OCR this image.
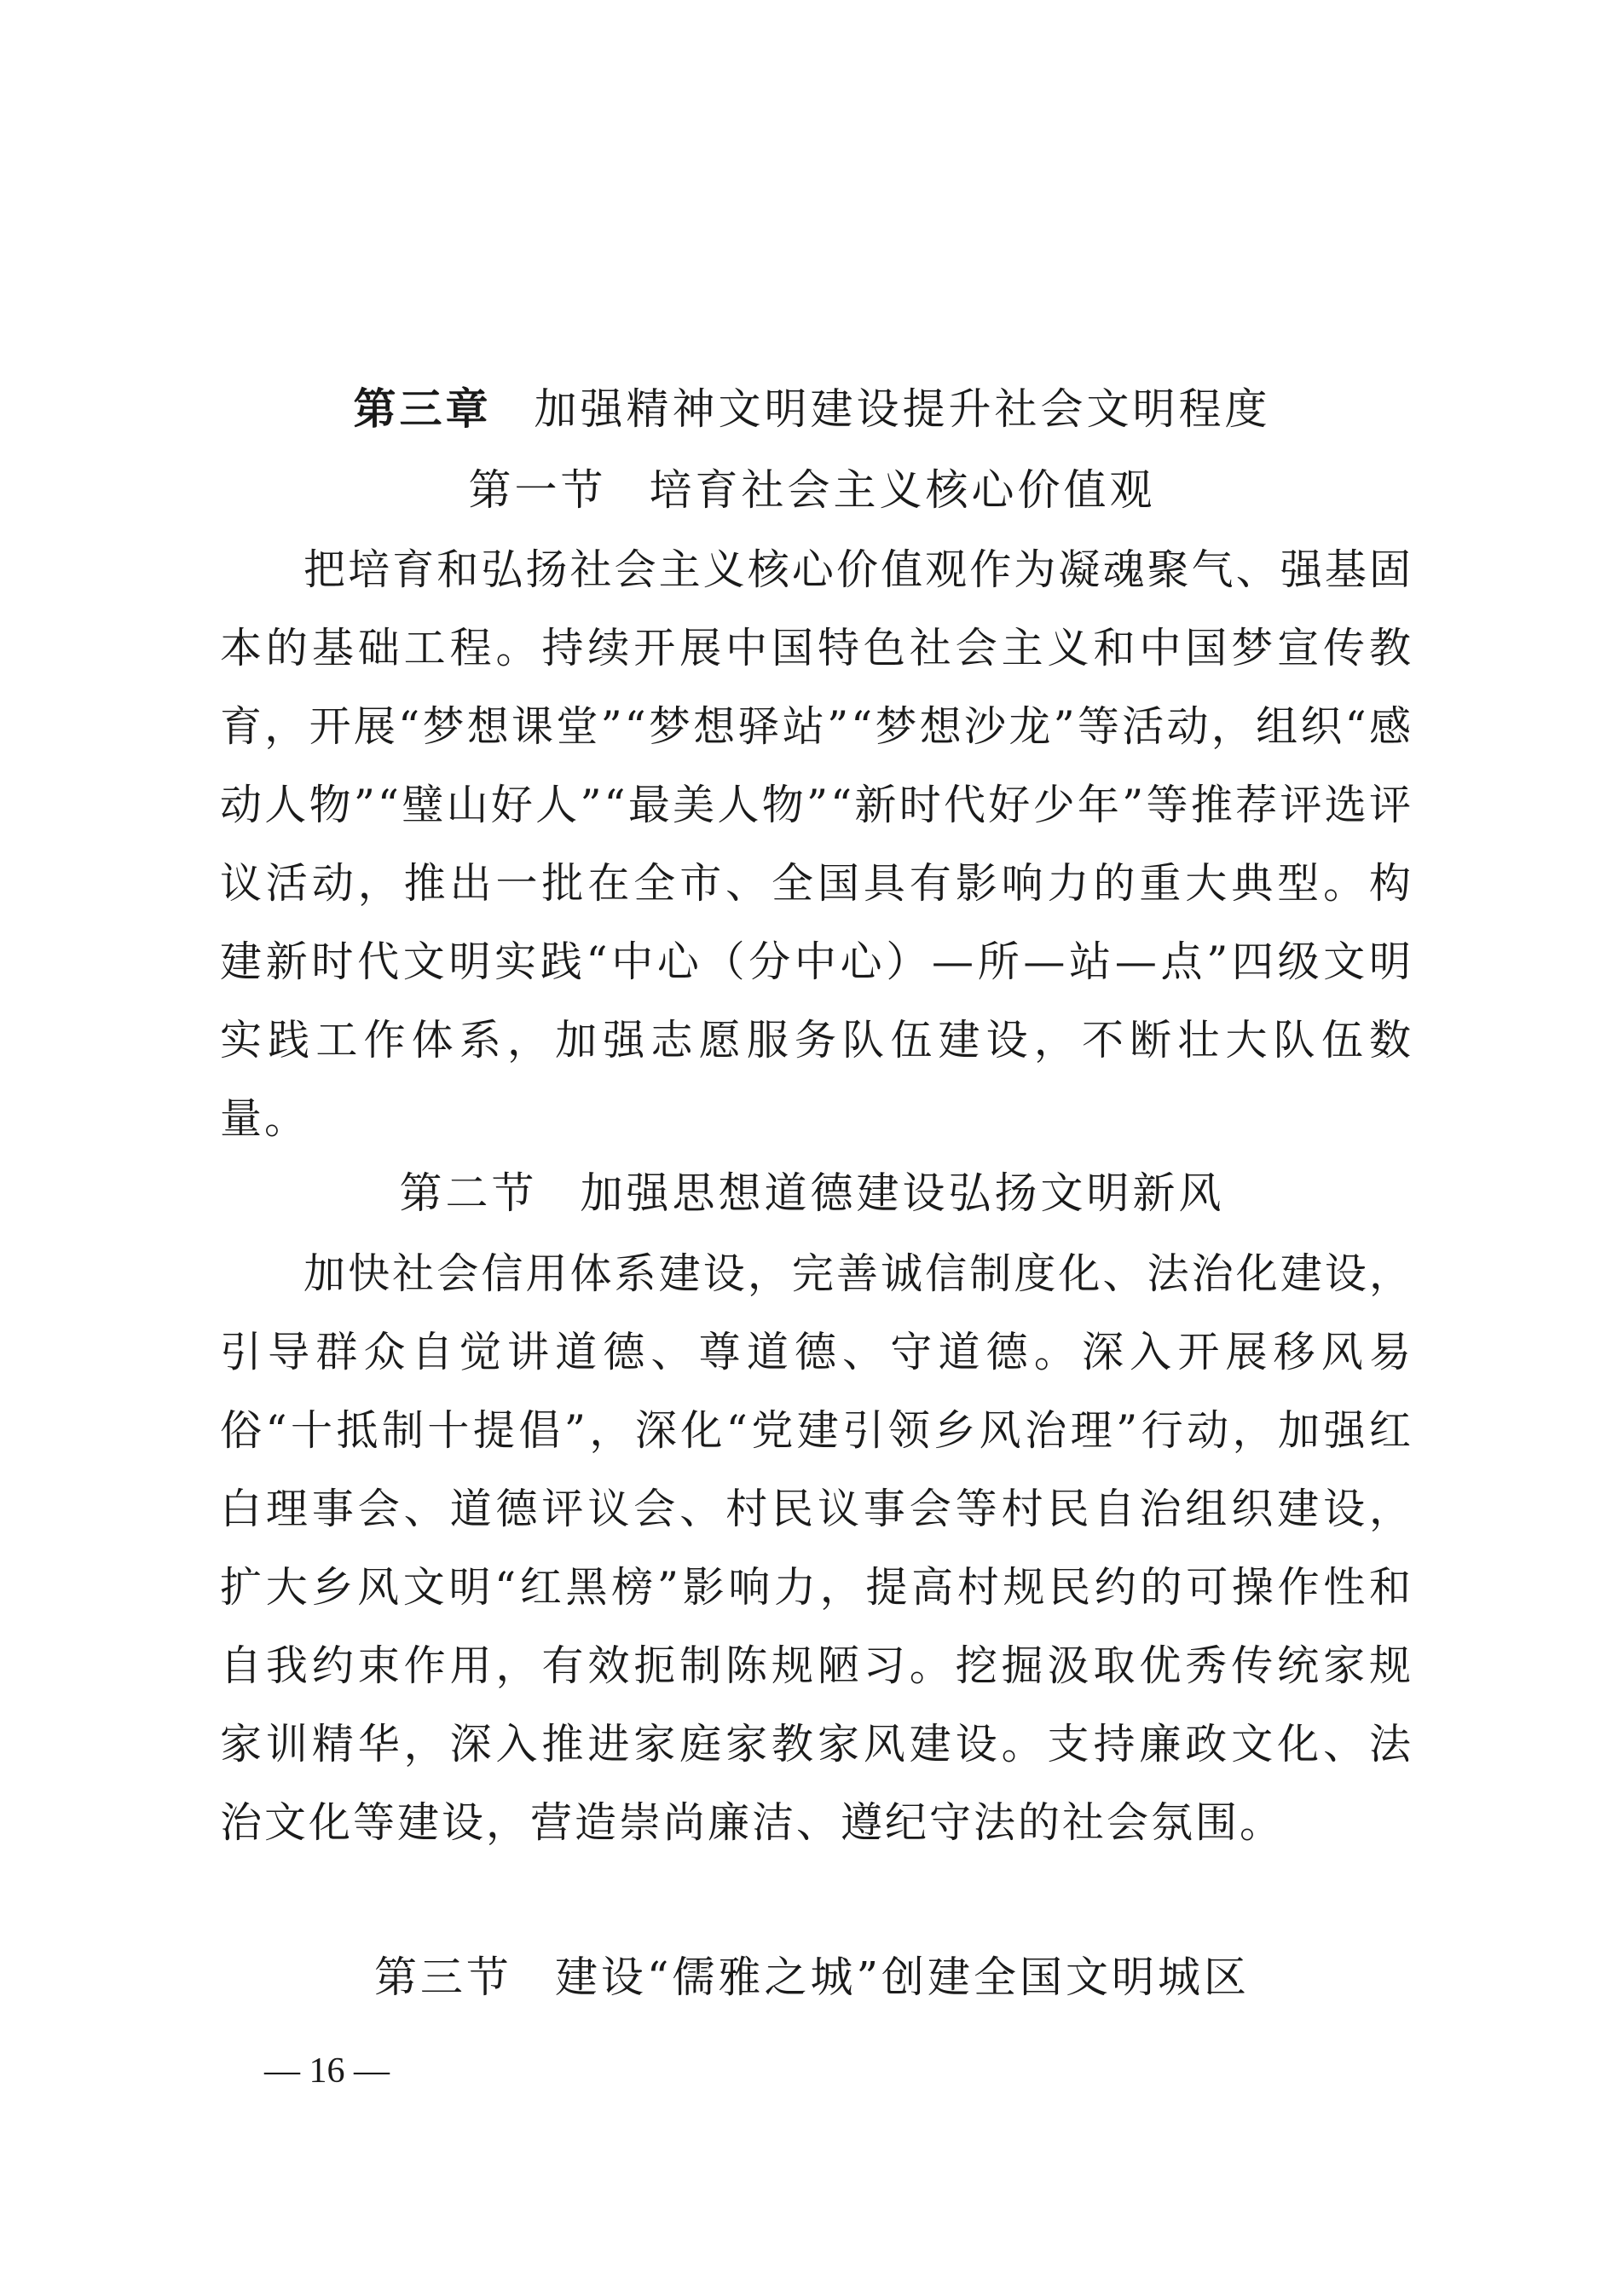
第三章 加强精神文明建设提升社会文明程度
第一节 培育社会主义核心价值观
把培育和弘扬社会主义核心价值观作为凝魂聚气、强基固本的基础工程。持续开展中国特色社会主义和中国梦宣传教育，开展“梦想课堂”“梦想驿站”“梦想沙龙”等活动，组织“感动人物”“璧山好人”“最美人物”“新时代好少年”等推荐评选评议活动，推出一批在全市、全国具有影响力的重大典型。构建新时代文明实践“中心（分中心）—所—站—点”四级文明实践工作体系，加强志愿服务队伍建设，不断壮大队伍数量。
第二节 加强思想道德建设弘扬文明新风
加快社会信用体系建设，完善诚信制度化、法治化建设，引导群众自觉讲道德、尊道德、守道德。深入开展移风易俗“十抵制十提倡”，深化“党建引领乡风治理”行动，加强红白理事会、道德评议会、村民议事会等村民自治组织建设，扩大乡风文明“红黑榜”影响力，提高村规民约的可操作性和自我约束作用，有效扼制陈规陋习。挖掘汲取优秀传统家规家训精华，深入推进家庭家教家风建设。支持廉政文化、法治文化等建设，营造崇尚廉洁、遵纪守法的社会氛围。
第三节 建设“儒雅之城”创建全国文明城区
— 16 —
